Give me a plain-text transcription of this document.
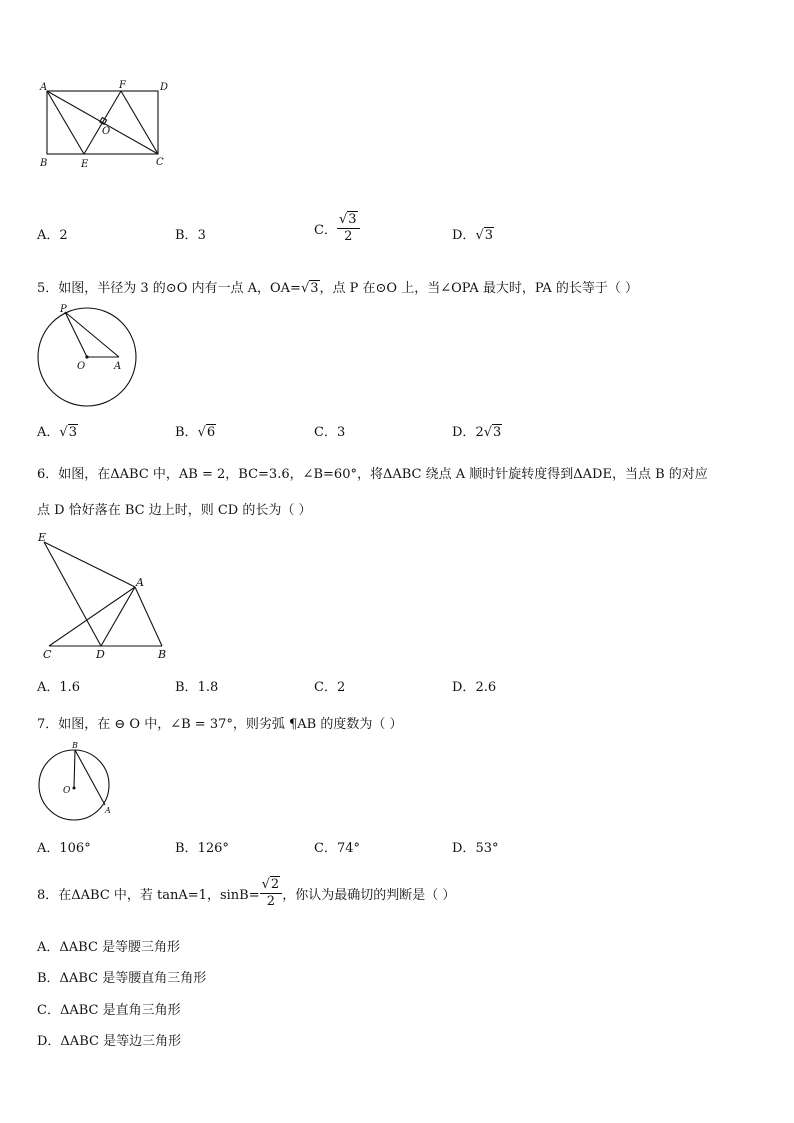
A	F	D
O
B	E	C
A．2	B．3	C． $\frac{√3}{2}$	D．√3
5．如图，半径为 3 的⊙O 内有一点 A，OA=√3，点 P 在⊙O 上，当∠OPA 最大时，PA 的长等于（ ）
P
O	A
A．√3	B．√6	C．3	D．2√3
6．如图，在ΔABC 中，AB = 2，BC=3.6，∠B=60°，将ΔABC 绕点 A 顺时针旋转度得到ΔADE，当点 B 的对应
点 D 恰好落在 BC 边上时，则 CD 的长为（ ）
E
A
C	D	B
A．1.6	B．1.8	C．2	D．2.6
7．如图，在 ⊖ O 中，∠B = 37°，则劣弧 ¶AB 的度数为（ ）
B
O
A
A．106°	B．126°	C．74°	D．53°
8．在ΔABC 中，若 tanA=1，$\sin B= \frac{√2}{2}$ ，你认为最确切的判断是（ ）
A．ΔABC 是等腰三角形
B．ΔABC 是等腰直角三角形
C．ΔABC 是直角三角形
D．ΔABC 是等边三角形
